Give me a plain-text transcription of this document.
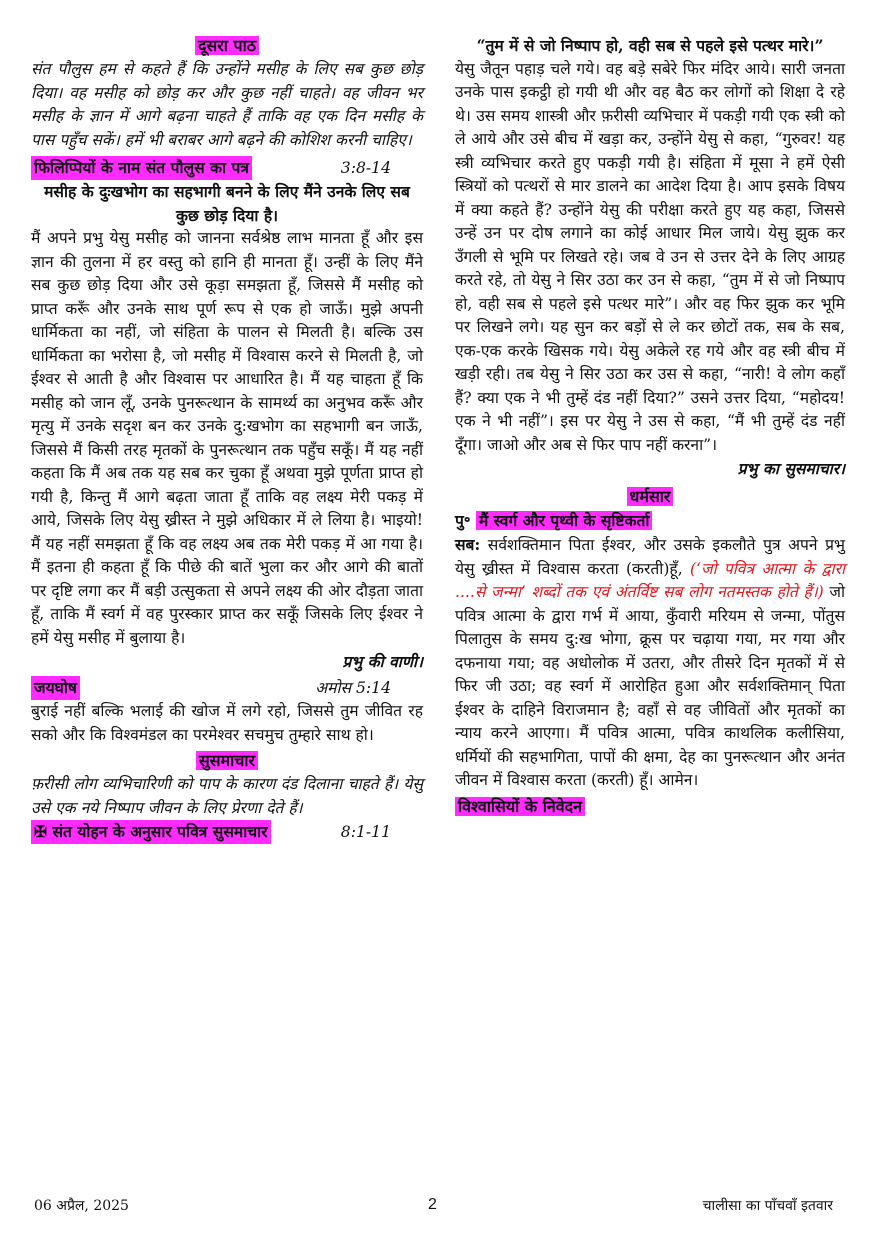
दूसरा पाठ

संत पौलुस हम से कहते हैं कि उन्होंने मसीह के लिए सब कुछ छोड़ दिया। वह मसीह को छोड़ कर और कुछ नहीं चाहते। वह जीवन भर मसीह के ज्ञान में आगे बढ़ना चाहते हैं ताकि वह एक दिन मसीह के पास पहुँच सकें। हमें भी बराबर आगे बढ़ने की कोशिश करनी चाहिए।

फिलिप्पियों के नाम संत पौलुस का पत्र	3:8-14

मसीह के दुःखभोग का सहभागी बनने के लिए मैंने उनके लिए सब कुछ छोड़ दिया है।

मैं अपने प्रभु येसु मसीह को जानना सर्वश्रेष्ठ लाभ मानता हूँ और इस ज्ञान की तुलना में हर वस्तु को हानि ही मानता हूँ। उन्हीं के लिए मैंने सब कुछ छोड़ दिया और उसे कूड़ा समझता हूँ, जिससे मैं मसीह को प्राप्त करूँ और उनके साथ पूर्ण रूप से एक हो जाऊँ। मुझे अपनी धार्मिकता का नहीं, जो संहिता के पालन से मिलती है। बल्कि उस धार्मिकता का भरोसा है, जो मसीह में विश्वास करने से मिलती है, जो ईश्वर से आती है और विश्वास पर आधारित है। मैं यह चाहता हूँ कि मसीह को जान लूँ, उनके पुनरूत्थान के सामर्थ्य का अनुभव करूँ और मृत्यु में उनके सदृश बन कर उनके दु:खभोग का सहभागी बन जाऊँ, जिससे मैं किसी तरह मृतकों के पुनरूत्थान तक पहुँच सकूँ। मैं यह नहीं कहता कि मैं अब तक यह सब कर चुका हूँ अथवा मुझे पूर्णता प्राप्त हो गयी है, किन्तु मैं आगे बढ़ता जाता हूँ ताकि वह लक्ष्य मेरी पकड़ में आये, जिसके लिए येसु ख्रीस्त ने मुझे अधिकार में ले लिया है। भाइयो! मैं यह नहीं समझता हूँ कि वह लक्ष्य अब तक मेरी पकड़ में आ गया है। मैं इतना ही कहता हूँ कि पीछे की बातें भुला कर और आगे की बातों पर दृष्टि लगा कर मैं बड़ी उत्सुकता से अपने लक्ष्य की ओर दौड़ता जाता हूँ, ताकि मैं स्वर्ग में वह पुरस्कार प्राप्त कर सकूँ जिसके लिए ईश्वर ने हमें येसु मसीह में बुलाया है।

प्रभु की वाणी।
जयघोष	अमोस 5:14

बुराई नहीं बल्कि भलाई की खोज में लगे रहो, जिससे तुम जीवित रह सको और कि विश्वमंडल का परमेश्वर सचमुच तुम्हारे साथ हो।

सुसमाचार

फ़रीसी लोग व्यभिचारिणी को पाप के कारण दंड दिलाना चाहते हैं। येसु उसे एक नये निष्पाप जीवन के लिए प्रेरणा देते हैं।

✠ संत योहन के अनुसार पवित्र सुसमाचार	8:1-11

“तुम में से जो निष्पाप हो, वही सब से पहले इसे पत्थर मारे।”

येसु जैतून पहाड़ चले गये। वह बड़े सबेरे फिर मंदिर आये। सारी जनता उनके पास इकट्ठी हो गयी थी और वह बैठ कर लोगों को शिक्षा दे रहे थे। उस समय शास्त्री और फ़रीसी व्यभिचार में पकड़ी गयी एक स्त्री को ले आये और उसे बीच में खड़ा कर, उन्होंने येसु से कहा, “गुरुवर! यह स्त्री व्यभिचार करते हुए पकड़ी गयी है। संहिता में मूसा ने हमें ऐसी स्त्रियों को पत्थरों से मार डालने का आदेश दिया है। आप इसके विषय में क्या कहते हैं? उन्होंने येसु की परीक्षा करते हुए यह कहा, जिससे उन्हें उन पर दोष लगाने का कोई आधार मिल जाये। येसु झुक कर उँगली से भूमि पर लिखते रहे। जब वे उन से उत्तर देने के लिए आग्रह करते रहे, तो येसु ने सिर उठा कर उन से कहा, “तुम में से जो निष्पाप हो, वही सब से पहले इसे पत्थर मारे”। और वह फिर झुक कर भूमि पर लिखने लगे। यह सुन कर बड़ों से ले कर छोटों तक, सब के सब, एक-एक करके खिसक गये। येसु अकेले रह गये और वह स्त्री बीच में खड़ी रही। तब येसु ने सिर उठा कर उस से कहा, “नारी! वे लोग कहाँ हैं? क्या एक ने भी तुम्हें दंड नहीं दिया?” उसने उत्तर दिया, “महोदय! एक ने भी नहीं”। इस पर येसु ने उस से कहा, “मैं भी तुम्हें दंड नहीं दूँगा। जाओ और अब से फिर पाप नहीं करना”।

प्रभु का सुसमाचार।
धर्मसार
पु॰ मैं स्वर्ग और पृथ्वी के सृष्टिकर्ता

सब: सर्वशक्तिमान पिता ईश्वर, और उसके इकलौते पुत्र अपने प्रभु येसु ख्रीस्त में विश्वास करता (करती)हूँ, (‘जो पवित्र आत्मा के द्वारा ....से जन्मा’ शब्दों तक एवं अंतर्विष्ट सब लोग नतमस्तक होते हैं।) जो पवित्र आत्मा के द्वारा गर्भ में आया, कुँवारी मरियम से जन्मा, पोंतुस पिलातुस के समय दु:ख भोगा, क्रूस पर चढ़ाया गया, मर गया और दफनाया गया; वह अधोलोक में उतरा, और तीसरे दिन मृतकों में से फिर जी उठा; वह स्वर्ग में आरोहित हुआ और सर्वशक्तिमान् पिता ईश्वर के दाहिने विराजमान है; वहाँ से वह जीवितों और मृतकों का न्याय करने आएगा। मैं पवित्र आत्मा, पवित्र काथलिक कलीसिया, धर्मियों की सहभागिता, पापों की क्षमा, देह का पुनरूत्थान और अनंत जीवन में विश्वास करता (करती) हूँ। आमेन।

विश्वासियों के निवेदन
06 अप्रैल, 2025	2	चालीसा का पाँचवाँ इतवार
